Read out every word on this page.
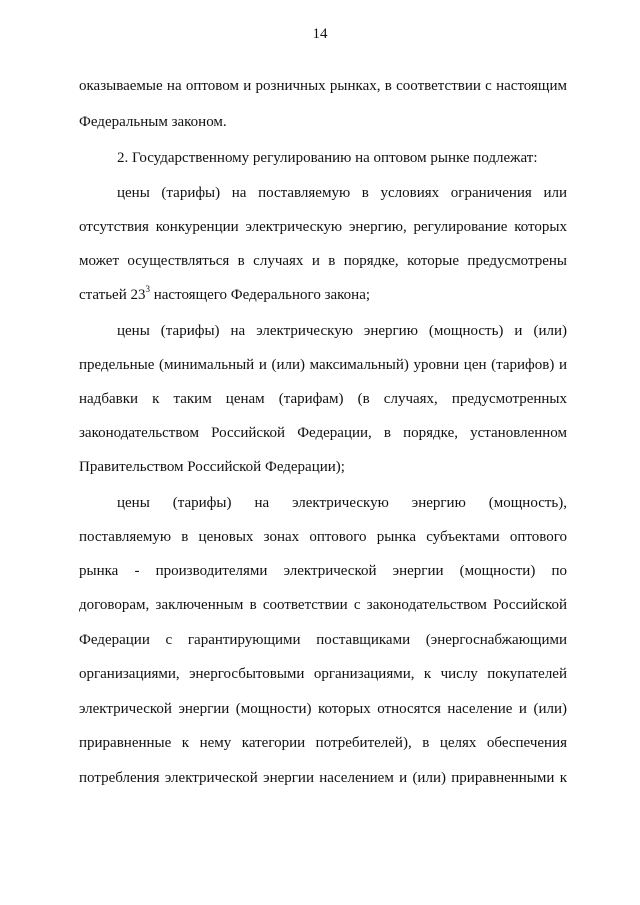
14
оказываемые на оптовом и розничных рынках, в соответствии с настоящим
Федеральным законом.
2. Государственному регулированию на оптовом рынке подлежат:
цены (тарифы) на поставляемую в условиях ограничения или
отсутствия конкуренции электрическую энергию, регулирование которых
может осуществляться в случаях и в порядке, которые предусмотрены
статьей $23^3$ настоящего Федерального закона;
цены (тарифы) на электрическую энергию (мощность) и (или)
предельные (минимальный и (или) максимальный) уровни цен (тарифов) и
надбавки к таким ценам (тарифам) (в случаях, предусмотренных
законодательством Российской Федерации, в порядке, установленном
Правительством Российской Федерации);
цены (тарифы) на электрическую энергию (мощность),
поставляемую в ценовых зонах оптового рынка субъектами оптового
рынка - производителями электрической энергии (мощности) по
договорам, заключенным в соответствии с законодательством Российской
Федерации с гарантирующими поставщиками (энергоснабжающими
организациями, энергосбытовыми организациями, к числу покупателей
электрической энергии (мощности) которых относятся население и (или)
приравненные к нему категории потребителей), в целях обеспечения
потребления электрической энергии населением и (или) приравненными к
